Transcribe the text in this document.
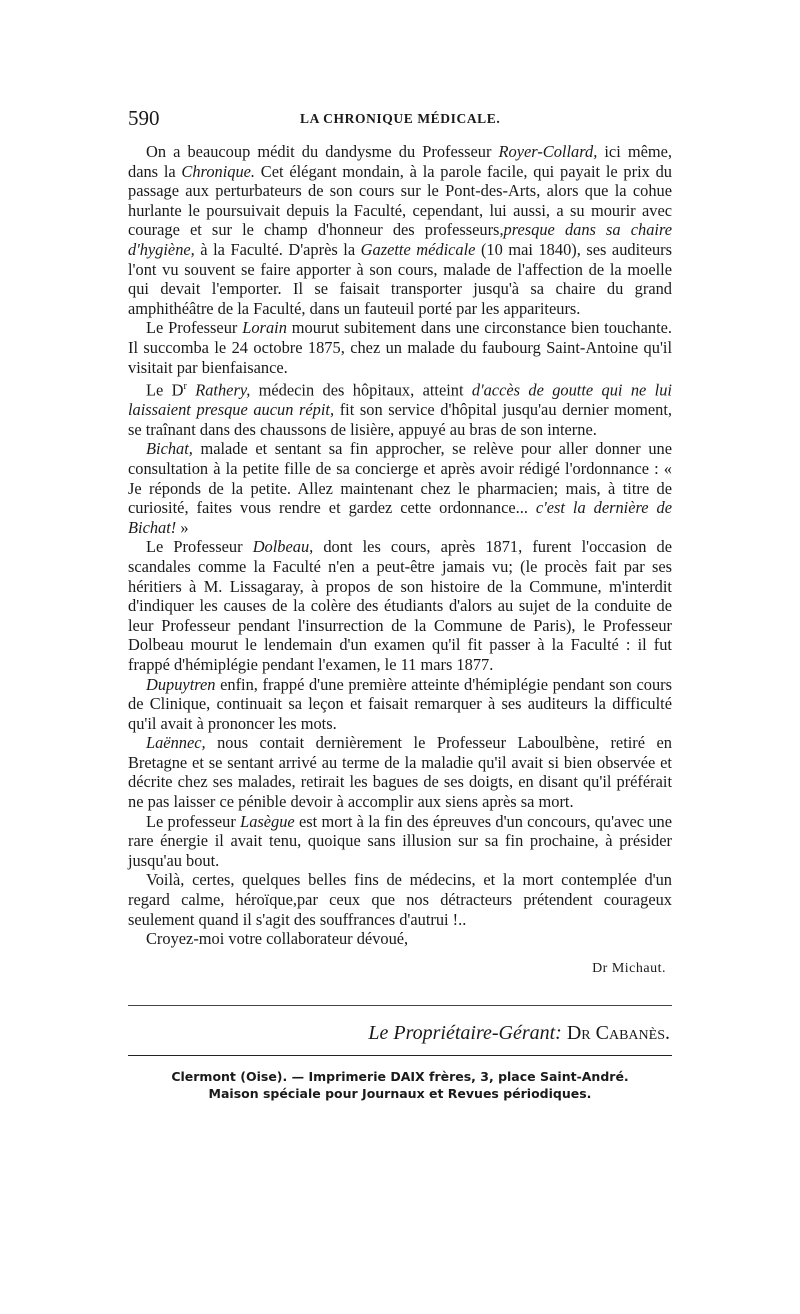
590	LA CHRONIQUE MÉDICALE.

On a beaucoup médit du dandysme du Professeur Royer-Collard, ici même, dans la Chronique. Cet élégant mondain, à la parole facile, qui payait le prix du passage aux perturbateurs de son cours sur le Pont-des-Arts, alors que la cohue hurlante le poursuivait depuis la Faculté, cependant, lui aussi, a su mourir avec courage et sur le champ d'honneur des professeurs,presque dans sa chaire d'hygiène, à la Faculté. D'après la Gazette médicale (10 mai 1840), ses auditeurs l'ont vu souvent se faire apporter à son cours, malade de l'affection de la moelle qui devait l'emporter. Il se faisait transporter jusqu'à sa chaire du grand amphithéâtre de la Faculté, dans un fauteuil porté par les appariteurs.

Le Professeur Lorain mourut subitement dans une circonstance bien touchante. Il succomba le 24 octobre 1875, chez un malade du faubourg Saint-Antoine qu'il visitait par bienfaisance.

Le $D^r$ Rathery, médecin des hôpitaux, atteint d'accès de goutte qui ne lui laissaient presque aucun répit, fit son service d'hôpital jusqu'au dernier moment, se traînant dans des chaussons de lisière, appuyé au bras de son interne.

Bichat, malade et sentant sa fin approcher, se relève pour aller donner une consultation à la petite fille de sa concierge et après avoir rédigé l'ordonnance : « Je réponds de la petite. Allez maintenant chez le pharmacien; mais, à titre de curiosité, faites vous rendre et gardez cette ordonnance... c'est la dernière de Bichat! »

Le Professeur Dolbeau, dont les cours, après 1871, furent l'occasion de scandales comme la Faculté n'en a peut-être jamais vu; (le procès fait par ses héritiers à M. Lissagaray, à propos de son histoire de la Commune, m'interdit d'indiquer les causes de la colère des étudiants d'alors au sujet de la conduite de leur Professeur pendant l'insurrection de la Commune de Paris), le Professeur Dolbeau mourut le lendemain d'un examen qu'il fit passer à la Faculté : il fut frappé d'hémiplégie pendant l'examen, le 11 mars 1877.

Dupuytren enfin, frappé d'une première atteinte d'hémiplégie pendant son cours de Clinique, continuait sa leçon et faisait remarquer à ses auditeurs la difficulté qu'il avait à prononcer les mots.

Laënnec, nous contait dernièrement le Professeur Laboulbène, retiré en Bretagne et se sentant arrivé au terme de la maladie qu'il avait si bien observée et décrite chez ses malades, retirait les bagues de ses doigts, en disant qu'il préférait ne pas laisser ce pénible devoir à accomplir aux siens après sa mort.

Le professeur Lasègue est mort à la fin des épreuves d'un concours, qu'avec une rare énergie il avait tenu, quoique sans illusion sur sa fin prochaine, à présider jusqu'au bout.

Voilà, certes, quelques belles fins de médecins, et la mort contemplée d'un regard calme, héroïque,par ceux que nos détracteurs prétendent courageux seulement quand il s'agit des souffrances d'autrui !..

Croyez-moi votre collaborateur dévoué,

Dr Michaut.
Le Propriétaire-Gérant: Dr Cabanès.
Clermont (Oise). — Imprimerie DAIX frères, 3, place Saint-André.
Maison spéciale pour Journaux et Revues périodiques.
